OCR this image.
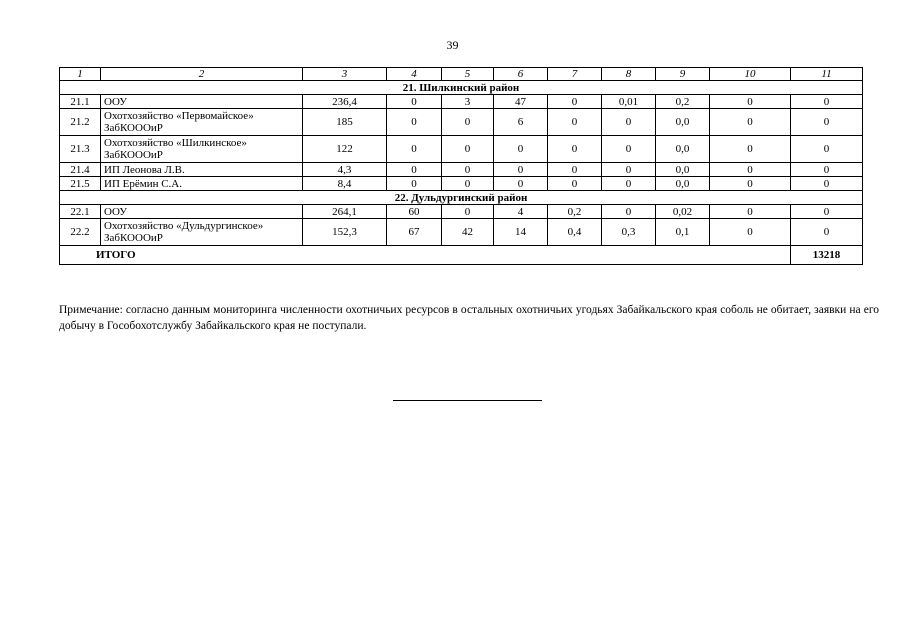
39
1	2	3	4	5	6	7	8	9	10	11
21. Шилкинский район										
21.1	ООУ	236,4	0	3	47	0	0,01	0,2	0	0
21.2	Охотхозяйство «Первомайское»
ЗабКОООиР	185	0	0	6	0	0	0,0	0	0
21.3	Охотхозяйство «Шилкинское»
ЗабКОООиР	122	0	0	0	0	0	0,0	0	0
21.4	ИП Леонова Л.В.	4,3	0	0	0	0	0	0,0	0	0
21.5	ИП Ерёмин С.А.	8,4	0	0	0	0	0	0,0	0	0
22. Дульдургинский район										
22.1	ООУ	264,1	60	0	4	0,2	0	0,02	0	0
22.2	Охотхозяйство «Дульдургинское»
ЗабКОООиР	152,3	67	42	14	0,4	0,3	0,1	0	0
ИТОГО										13218
Примечание: согласно данным мониторинга численности охотничьих ресурсов в остальных охотничьих угодьях Забайкальского края соболь не обитает, заявки на его добычу в Гособохотслужбу Забайкальского края не поступали.
